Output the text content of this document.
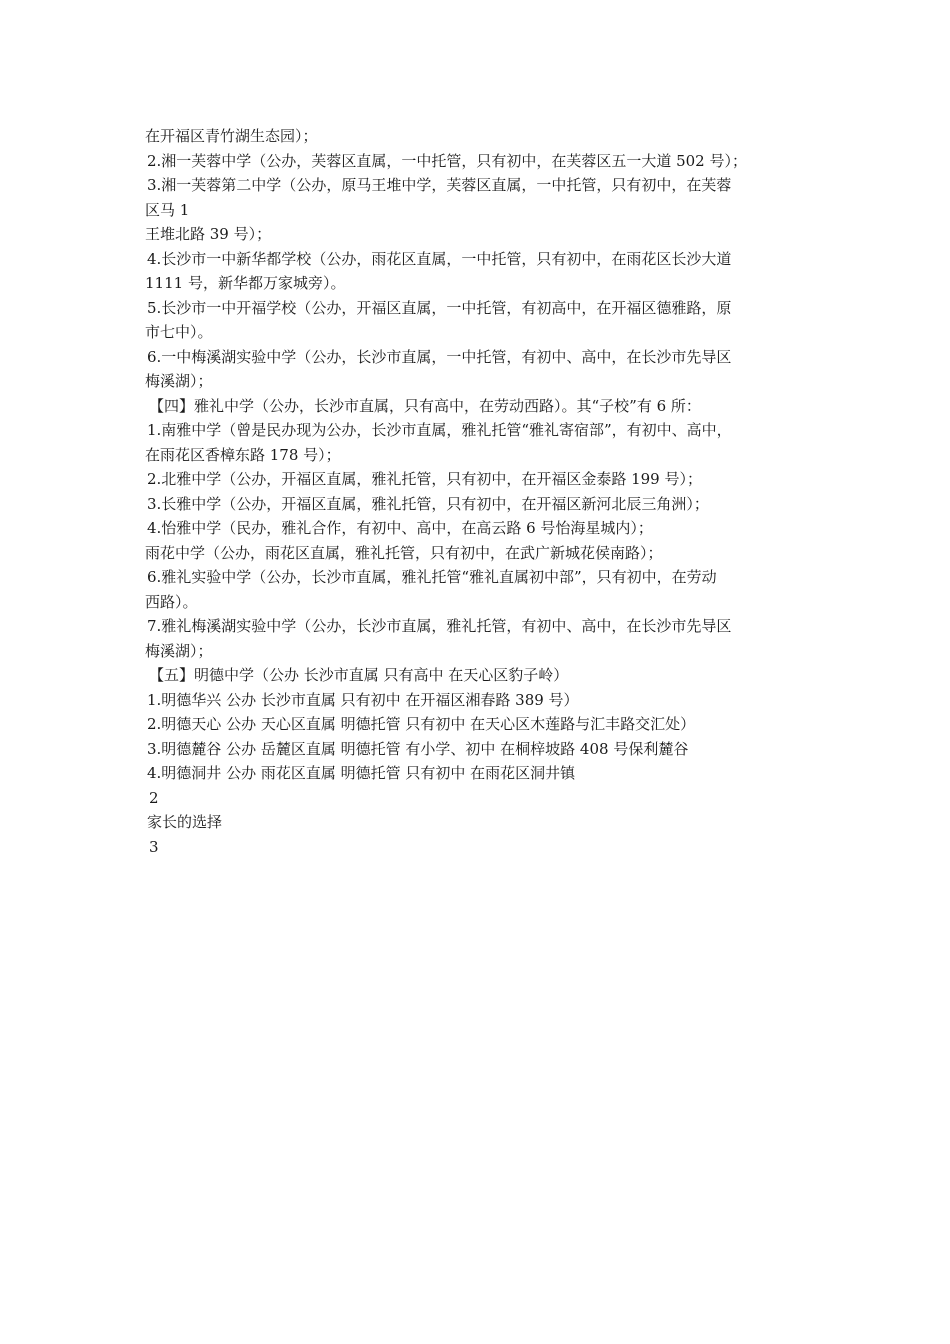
在开福区青竹湖生态园）；

2.湘一芙蓉中学（公办，芙蓉区直属，一中托管，只有初中，在芙蓉区五一大道 502 号）；

3.湘一芙蓉第二中学（公办，原马王堆中学，芙蓉区直属，一中托管，只有初中，在芙蓉

区马 1

王堆北路 39 号）；

4.长沙市一中新华都学校（公办，雨花区直属，一中托管，只有初中，在雨花区长沙大道

1111 号，新华都万家城旁）。

5.长沙市一中开福学校（公办，开福区直属，一中托管，有初高中，在开福区德雅路，原

市七中）。

6.一中梅溪湖实验中学（公办，长沙市直属，一中托管，有初中、高中，在长沙市先导区

梅溪湖）；

【四】雅礼中学（公办，长沙市直属，只有高中，在劳动西路）。其“子校”有 6 所：

1.南雅中学（曾是民办现为公办，长沙市直属，雅礼托管“雅礼寄宿部”，有初中、高中，

在雨花区香樟东路 178 号）；

2.北雅中学（公办，开福区直属，雅礼托管，只有初中，在开福区金泰路 199 号）；

3.长雅中学（公办，开福区直属，雅礼托管，只有初中，在开福区新河北辰三角洲）；

4.怡雅中学（民办，雅礼合作，有初中、高中，在高云路 6 号怡海星城内）；

雨花中学（公办，雨花区直属，雅礼托管，只有初中，在武广新城花侯南路）；

6.雅礼实验中学（公办，长沙市直属，雅礼托管“雅礼直属初中部”，只有初中，在劳动

西路）。

7.雅礼梅溪湖实验中学（公办，长沙市直属，雅礼托管，有初中、高中，在长沙市先导区

梅溪湖）；

【五】明德中学（公办 长沙市直属 只有高中 在天心区豹子岭）

1.明德华兴 公办 长沙市直属 只有初中 在开福区湘春路 389 号）

2.明德天心 公办 天心区直属 明德托管 只有初中 在天心区木莲路与汇丰路交汇处）

3.明德麓谷 公办 岳麓区直属 明德托管 有小学、初中 在桐梓坡路 408 号保利麓谷

4.明德洞井 公办 雨花区直属 明德托管 只有初中 在雨花区洞井镇

2

家长的选择

3
